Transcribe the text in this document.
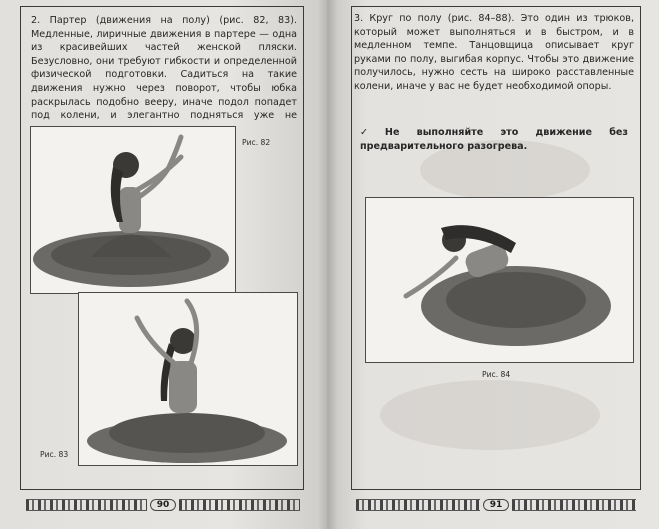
2. Партер (движения на полу) (рис. 82, 83). Медленные, лиричные движения в партере — одна из красивейших частей женской пляски. Безусловно, они требуют гибкости и определенной физической подготовки. Садиться на такие движения нужно через поворот, чтобы юбка раскрылась подобно вееру, иначе подол попадет под колени, и элегантно подняться уже не
Рис. 82
Рис. 83
3. Круг по полу (рис. 84–88). Это один из трюков, который может выполняться и в быстром, и в медленном темпе. Танцовщица описывает круг руками по полу, выгибая корпус. Чтобы это движение получилось, нужно сесть на широко расставленные колени, иначе у вас не будет необходимой опоры.
✓ Не выполняйте это движение без предварительного разогрева.
Рис. 84
90	91
